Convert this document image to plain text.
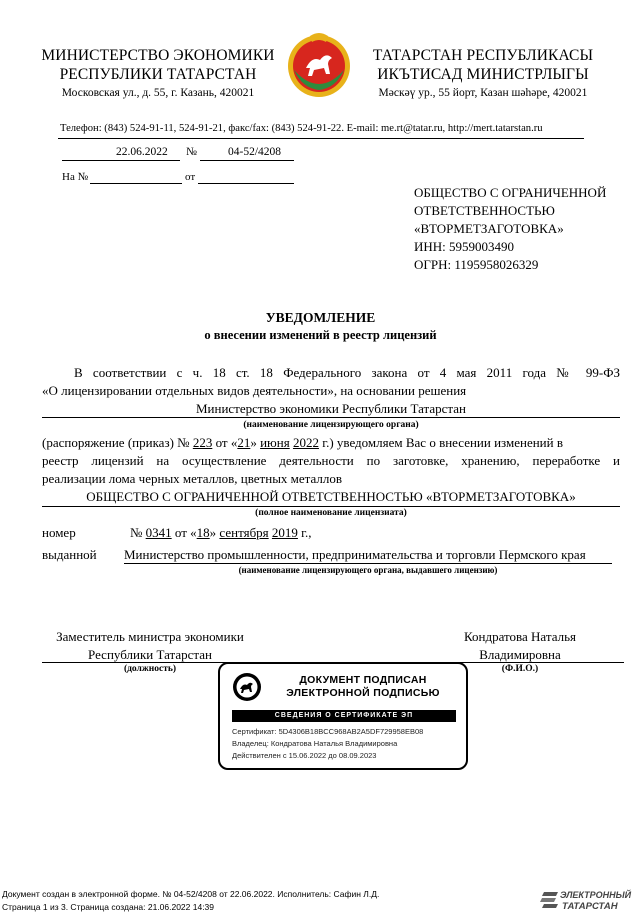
МИНИСТЕРСТВО ЭКОНОМИКИ
РЕСПУБЛИКИ ТАТАРСТАН
Московская ул., д. 55, г. Казань, 420021
ТАТАРСТАН РЕСПУБЛИКАСЫ
ИКЪТИСАД МИНИСТРЛЫГЫ
Мәскәү ур., 55 йорт, Казан шәһәре, 420021
Телефон: (843) 524-91-11, 524-91-21, факс/fax: (843) 524-91-22. E-mail: me.rt@tatar.ru, http://mert.tatarstan.ru
22.06.2022 №	04-52/4208
На №	от
ОБЩЕСТВО С ОГРАНИЧЕННОЙ
ОТВЕТСТВЕННОСТЬЮ
«ВТОРМЕТЗАГОТОВКА»
ИНН: 5959003490
ОГРН: 1195958026329
УВЕДОМЛЕНИЕ
о внесении изменений в реестр лицензий
В соответствии с ч. 18 ст. 18 Федерального закона от 4 мая 2011 года № 99-ФЗ
«О лицензировании отдельных видов деятельности», на основании решения
Министерство экономики Республики Татарстан
(наименование лицензирующего органа)
(распоряжение (приказ) № 223 от «21» июня 2022 г.) уведомляем Вас о внесении изменений в
реестр лицензий на осуществление деятельности по заготовке, хранению, переработке и
реализации лома черных металлов, цветных металлов
ОБЩЕСТВО С ОГРАНИЧЕННОЙ ОТВЕТСТВЕННОСТЬЮ «ВТОРМЕТЗАГОТОВКА»
(полное наименование лицензиата)
номер	№ 0341 от «18» сентября 2019 г.,
выданной Министерство промышленности, предпринимательства и торговли Пермского края
(наименование лицензирующего органа, выдавшего лицензию)
Заместитель министра экономики
Республики Татарстан
Кондратова Наталья
Владимировна
(должность)	(Ф.И.О.)
ДОКУМЕНТ ПОДПИСАН
ЭЛЕКТРОННОЙ ПОДПИСЬЮ
СВЕДЕНИЯ О СЕРТИФИКАТЕ ЭП
Сертификат: 5D4306B18BCC968AB2A5DF729958EB08
Владелец: Кондратова Наталья Владимировна
Действителен с 15.06.2022 до 08.09.2023
Документ создан в электронной форме. № 04-52/4208 от 22.06.2022. Исполнитель: Сафин Л.Д.
Страница 1 из 3. Страница создана: 21.06.2022 14:39
ЭЛЕКТРОННЫЙ
ТАТАРСТАН
